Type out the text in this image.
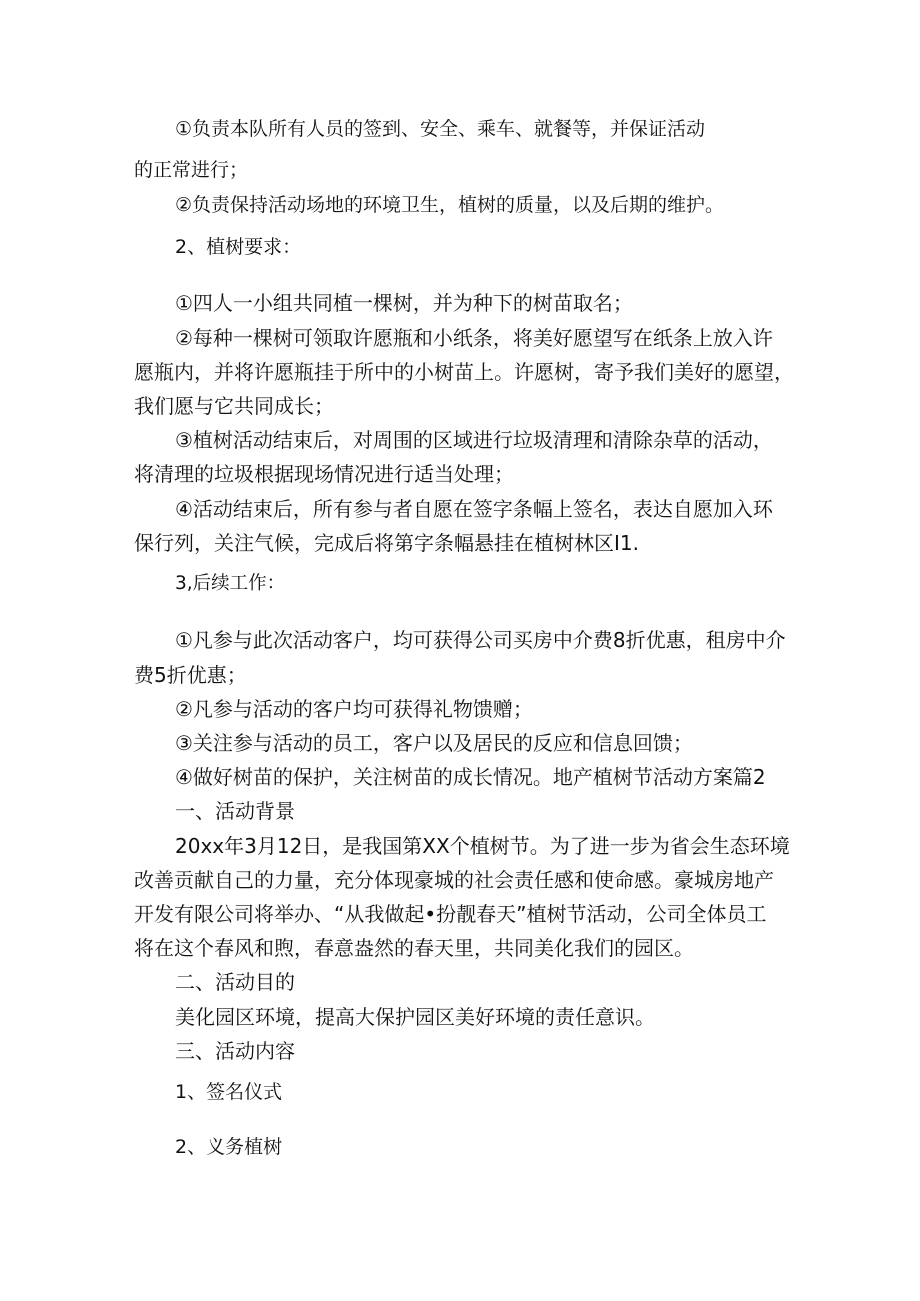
①负责本队所有人员的签到、安全、乘车、就餐等，并保证活动
的正常进行；
②负责保持活动场地的环境卫生，植树的质量，以及后期的维护。
2、植树要求：
①四人一小组共同植一棵树，并为种下的树苗取名；
②每种一棵树可领取许愿瓶和小纸条，将美好愿望写在纸条上放入许
愿瓶内，并将许愿瓶挂于所中的小树苗上。许愿树，寄予我们美好的愿望，
我们愿与它共同成长；
③植树活动结束后，对周围的区域进行垃圾清理和清除杂草的活动，
将清理的垃圾根据现场情况进行适当处理；
④活动结束后，所有参与者自愿在签字条幅上签名，表达自愿加入环
保行列，关注气候，完成后将第字条幅悬挂在植树林区I1.
3,后续工作：
①凡参与此次活动客户，均可获得公司买房中介费8折优惠，租房中介
费5折优惠；
②凡参与活动的客户均可获得礼物馈赠；
③关注参与活动的员工，客户以及居民的反应和信息回馈；
④做好树苗的保护，关注树苗的成长情况。地产植树节活动方案篇2
一、活动背景
20xx年3月12日，是我国第XX个植树节。为了进一步为省会生态环境
改善贡献自己的力量，充分体现豪城的社会责任感和使命感。豪城房地产
开发有限公司将举办、“从我做起•扮靓春天”植树节活动，公司全体员工
将在这个春风和煦，春意盎然的春天里，共同美化我们的园区。
二、活动目的
美化园区环境，提高大保护园区美好环境的责任意识。
三、活动内容
1、签名仪式
2、义务植树
